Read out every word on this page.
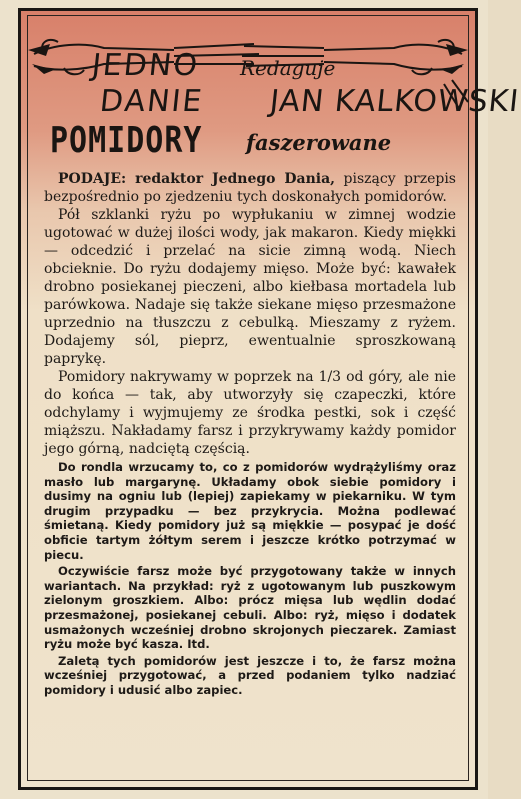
JEDNO Redaguje
DANIE JAN KALKOWSKI
POMIDORY faszerowane

PODAJE: redaktor Jednego Dania, piszący przepis bezpośrednio po zjedzeniu tych doskonałych pomidorów.

Pół szklanki ryżu po wypłukaniu w zimnej wodzie ugotować w dużej ilości wody, jak makaron. Kiedy miękki — odcedzić i przelać na sicie zimną wodą. Niech obcieknie. Do ryżu dodajemy mięso. Może być: kawałek drobno posiekanej pieczeni, albo kiełbasa mortadela lub parówkowa. Nadaje się także siekane mięso przesmażone uprzednio na tłuszczu z cebulką. Mieszamy z ryżem. Dodajemy sól, pieprz, ewentualnie sproszkowaną paprykę.

Pomidory nakrywamy w poprzek na 1/3 od góry, ale nie do końca — tak, aby utworzyły się czapeczki, które odchylamy i wyjmujemy ze środka pestki, sok i część miąższu. Nakładamy farsz i przykrywamy każdy pomidor jego górną, nadciętą częścią.

Do rondla wrzucamy to, co z pomidorów wydrążyliśmy oraz masło lub margarynę. Układamy obok siebie pomidory i dusimy na ogniu lub (lepiej) zapiekamy w piekarniku. W tym drugim przypadku — bez przykrycia. Można podlewać śmietaną. Kiedy pomidory już są miękkie — posypać je dość obficie tartym żółtym serem i jeszcze krótko potrzymać w piecu.

Oczywiście farsz może być przygotowany także w innych wariantach. Na przykład: ryż z ugotowanym lub puszkowym zielonym groszkiem. Albo: prócz mięsa lub wędlin dodać przesmażonej, posiekanej cebuli. Albo: ryż, mięso i dodatek usmażonych wcześniej drobno skrojonych pieczarek. Zamiast ryżu może być kasza. Itd.

Zaletą tych pomidorów jest jeszcze i to, że farsz można wcześniej przygotować, a przed podaniem tylko nadziać pomidory i udusić albo zapiec.
